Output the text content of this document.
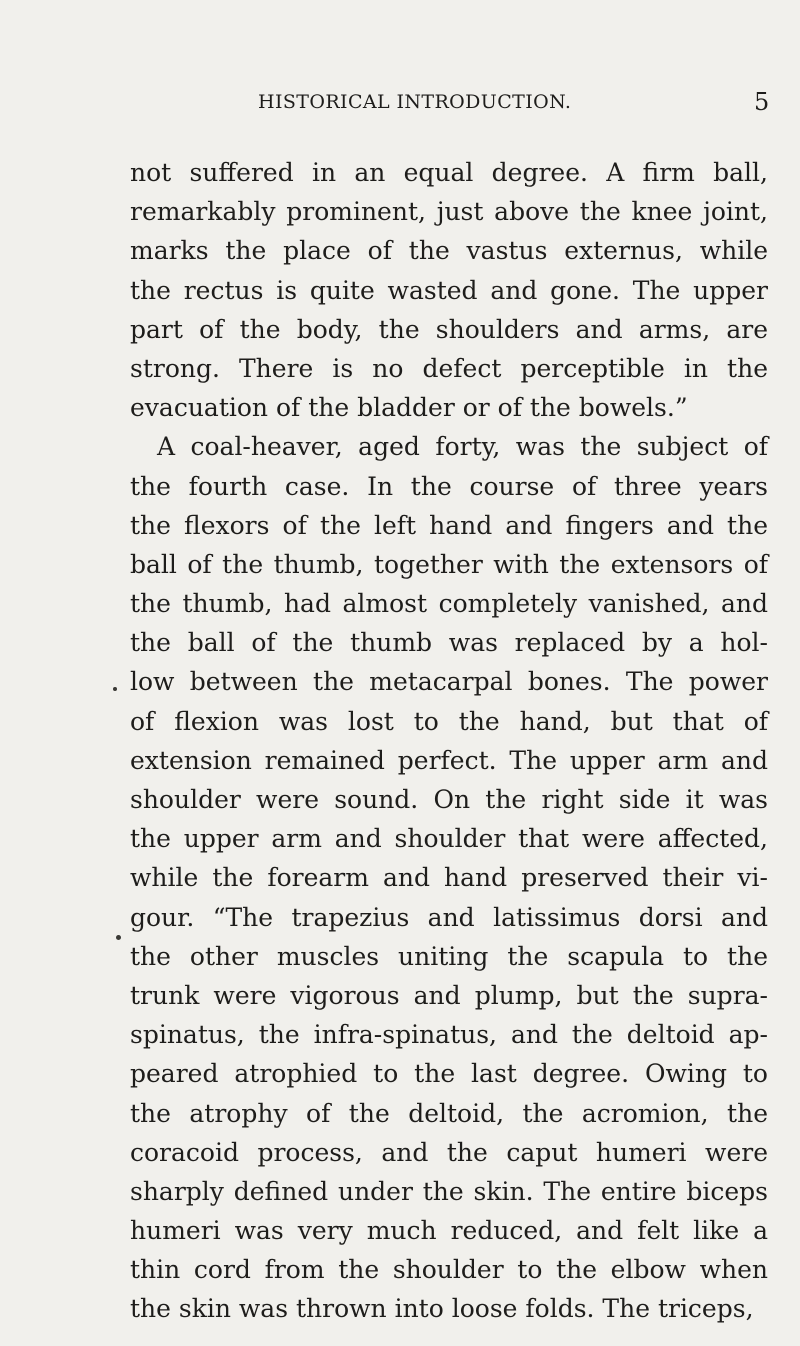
HISTORICAL INTRODUCTION.	5
not suffered in an equal degree. A firm ball,
remarkably prominent, just above the knee joint,
marks the place of the vastus externus, while
the rectus is quite wasted and gone. The upper
part of the body, the shoulders and arms, are
strong. There is no defect perceptible in the
evacuation of the bladder or of the bowels.”
A coal-heaver, aged forty, was the subject of
the fourth case. In the course of three years
the flexors of the left hand and fingers and the
ball of the thumb, together with the extensors of
the thumb, had almost completely vanished, and
the ball of the thumb was replaced by a hol-
low between the metacarpal bones. The power
of flexion was lost to the hand, but that of
extension remained perfect. The upper arm and
shoulder were sound. On the right side it was
the upper arm and shoulder that were affected,
while the forearm and hand preserved their vi-
gour. “The trapezius and latissimus dorsi and
the other muscles uniting the scapula to the
trunk were vigorous and plump, but the supra-
spinatus, the infra-spinatus, and the deltoid ap-
peared atrophied to the last degree. Owing to
the atrophy of the deltoid, the acromion, the
coracoid process, and the caput humeri were
sharply defined under the skin. The entire biceps
humeri was very much reduced, and felt like a
thin cord from the shoulder to the elbow when
the skin was thrown into loose folds. The triceps,
